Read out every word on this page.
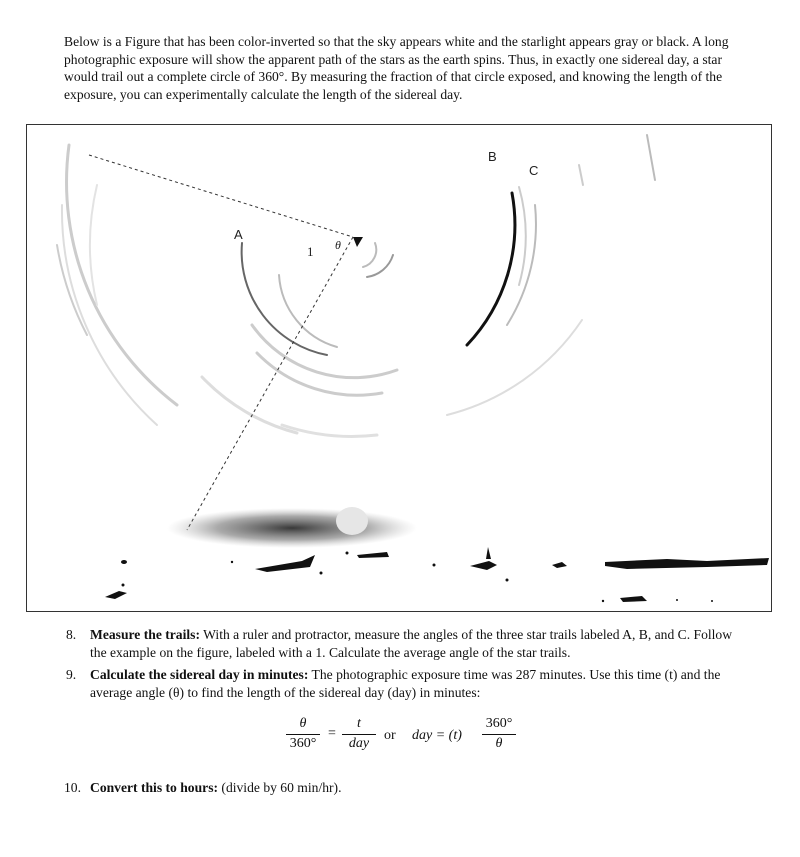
Below is a Figure that has been color-inverted so that the sky appears white and the starlight appears gray or black. A long photographic exposure will show the apparent path of the stars as the earth spins. Thus, in exactly one sidereal day, a star would trail out a complete circle of 360°. By measuring the fraction of that circle exposed, and knowing the length of the exposure, you can experimentally calculate the length of the sidereal day.
A
B
C
1 θ
8. Measure the trails: With a ruler and protractor, measure the angles of the three star trails labeled A, B, and C. Follow the example on the figure, labeled with a 1. Calculate the average angle of the star trails.
9. Calculate the sidereal day in minutes: The photographic exposure time was 287 minutes. Use this time (t) and the average angle (θ) to find the length of the sidereal day (day) in minutes:
θ
360°
=
t
day
or day = (t)
360°
θ
10. Convert this to hours: (divide by 60 min/hr).
